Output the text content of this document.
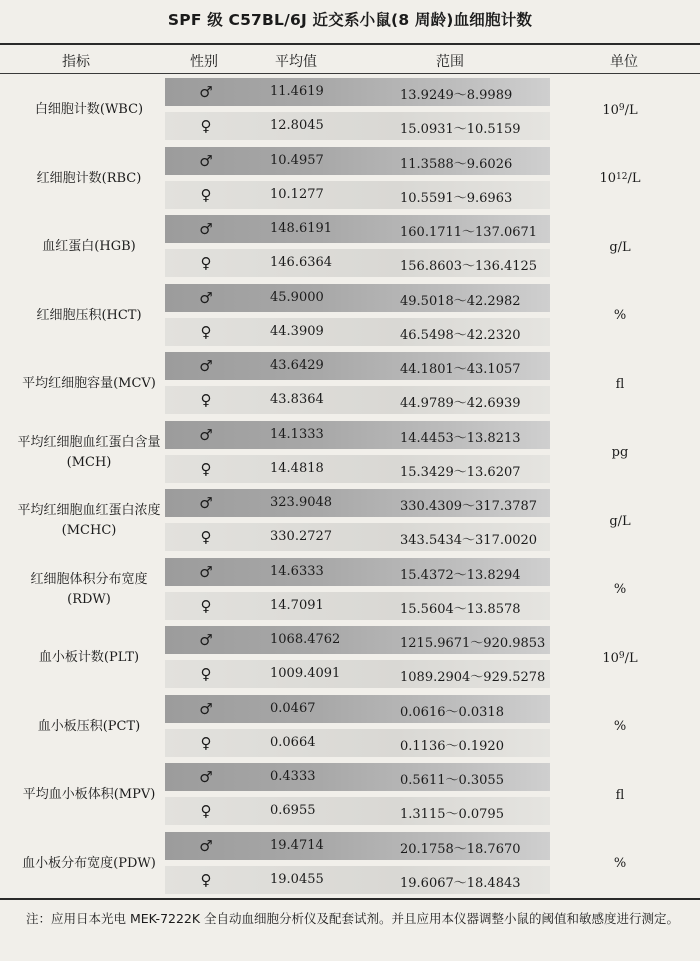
SPF 级 C57BL/6J 近交系小鼠(8 周龄)血细胞计数
指标	性别	平均值	范围	单位
白细胞计数(WBC)
♂	11.4619	13.9249～8.9989
♀	12.8045	15.0931～10.5159
$10^9$ /L
红细胞计数(RBC)
♂	10.4957	11.3588～9.6026
♀	10.1277	10.5591～9.6963
$10^{12}$ /L
血红蛋白(HGB)
♂	148.6191	160.1711～137.0671
♀	146.6364	156.8603～136.4125
g/L
红细胞压积(HCT)
♂	45.9000	49.5018～42.2982
♀	44.3909	46.5498～42.2320
%
平均红细胞容量(MCV)
♂	43.6429	44.1801～43.1057
♀	43.8364	44.9789～42.6939
fl
平均红细胞血红蛋白含量(MCH)
♂	14.1333	14.4453～13.8213
♀	14.4818	15.3429～13.6207
pg
平均红细胞血红蛋白浓度(MCHC)
♂	323.9048	330.4309～317.3787
♀	330.2727	343.5434～317.0020
g/L
红细胞体积分布宽度(RDW)
♂	14.6333	15.4372～13.8294
♀	14.7091	15.5604～13.8578
%
血小板计数(PLT)
♂	1068.4762	1215.9671～920.9853
♀	1009.4091	1089.2904～929.5278
$10^9$ /L
血小板压积(PCT)
♂	0.0467	0.0616～0.0318
♀	0.0664	0.1136～0.1920
%
平均血小板体积(MPV)
♂	0.4333	0.5611～0.3055
♀	0.6955	1.3115～0.0795
fl
血小板分布宽度(PDW)
♂	19.4714	20.1758～18.7670
♀	19.0455	19.6067～18.4843
%
注：应用日本光电 MEK-7222K 全自动血细胞分析仪及配套试剂。并且应用本仪器调整小鼠的阈值和敏感度进行测定。
